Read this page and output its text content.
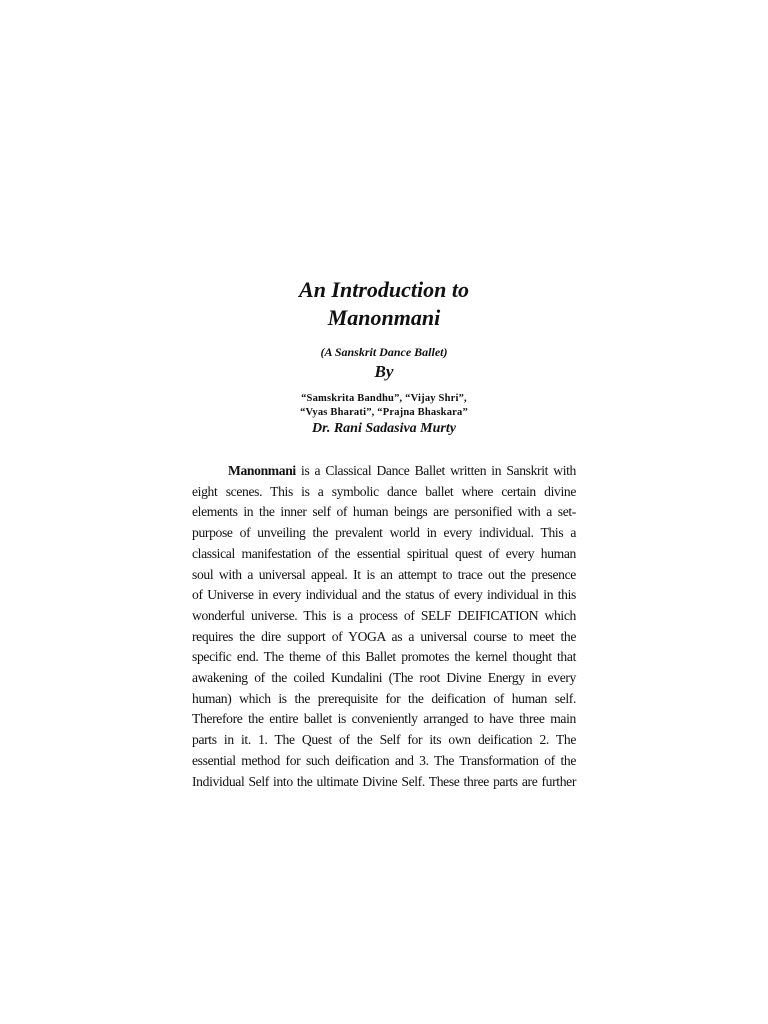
An Introduction to
Manonmani
(A Sanskrit Dance Ballet)
By
“Samskrita Bandhu”, “Vijay Shri”,
“Vyas Bharati”, “Prajna Bhaskara”
Dr. Rani Sadasiva Murty
Manonmani is a Classical Dance Ballet written in Sanskrit with
eight scenes. This is a symbolic dance ballet where certain divine
elements in the inner self of human beings are personified with a set-
purpose of unveiling the prevalent world in every individual. This a
classical manifestation of the essential spiritual quest of every human
soul with a universal appeal. It is an attempt to trace out the presence
of Universe in every individual and the status of every individual in this
wonderful universe. This is a process of SELF DEIFICATION which
requires the dire support of YOGA as a universal course to meet the
specific end. The theme of this Ballet promotes the kernel thought that
awakening of the coiled Kundalini (The root Divine Energy in every
human) which is the prerequisite for the deification of human self.
Therefore the entire ballet is conveniently arranged to have three main
parts in it. 1. The Quest of the Self for its own deification 2. The
essential method for such deification and 3. The Transformation of the
Individual Self into the ultimate Divine Self. These three parts are further
